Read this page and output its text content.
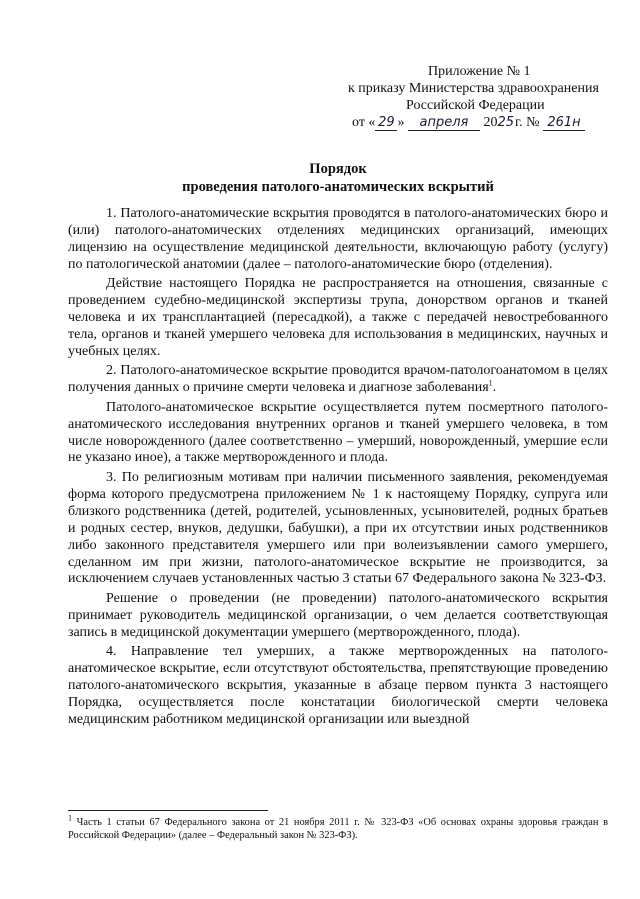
Приложение № 1
к приказу Министерства здравоохранения
Российской Федерации
от « 29 » апреля 2025 г. № 261н
Порядок
проведения патолого-анатомических вскрытий

1. Патолого-анатомические вскрытия проводятся в патолого-анатомических бюро и (или) патолого-анатомических отделениях медицинских организаций, имеющих лицензию на осуществление медицинской деятельности, включающую работу (услугу) по патологической анатомии (далее – патолого-анатомические бюро (отделения).

Действие настоящего Порядка не распространяется на отношения, связанные с проведением судебно-медицинской экспертизы трупа, донорством органов и тканей человека и их трансплантацией (пересадкой), а также с передачей невостребованного тела, органов и тканей умершего человека для использования в медицинских, научных и учебных целях.

2. Патолого-анатомическое вскрытие проводится врачом-патологоанатомом в целях получения данных о причине смерти человека и диагнозе заболевания$^1$.

Патолого-анатомическое вскрытие осуществляется путем посмертного патолого-анатомического исследования внутренних органов и тканей умершего человека, в том числе новорожденного (далее соответственно – умерший, новорожденный, умершие если не указано иное), а также мертворожденного и плода.

3. По религиозным мотивам при наличии письменного заявления, рекомендуемая форма которого предусмотрена приложением № 1 к настоящему Порядку, супруга или близкого родственника (детей, родителей, усыновленных, усыновителей, родных братьев и родных сестер, внуков, дедушки, бабушки), а при их отсутствии иных родственников либо законного представителя умершего или при волеизъявлении самого умершего, сделанном им при жизни, патолого-анатомическое вскрытие не производится, за исключением случаев установленных частью 3 статьи 67 Федерального закона № 323-ФЗ.

Решение о проведении (не проведении) патолого-анатомического вскрытия принимает руководитель медицинской организации, о чем делается соответствующая запись в медицинской документации умершего (мертворожденного, плода).

4. Направление тел умерших, а также мертворожденных на патолого-анатомическое вскрытие, если отсутствуют обстоятельства, препятствующие проведению патолого-анатомического вскрытия, указанные в абзаце первом пункта 3 настоящего Порядка, осуществляется после констатации биологической смерти человека медицинским работником медицинской организации или выездной

$^1$ Часть 1 статьи 67 Федерального закона от 21 ноября 2011 г. № 323-ФЗ «Об основах охраны здоровья граждан в Российской Федерации» (далее – Федеральный закон № 323-ФЗ).
